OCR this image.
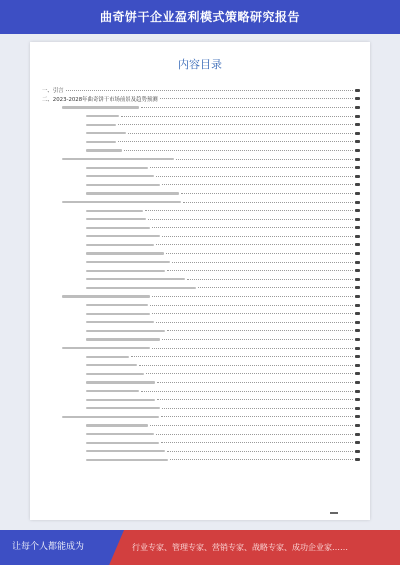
曲奇饼干企业盈利模式策略研究报告
内容目录
一、引言
二、2023-2028年曲奇饼干市场前景及趋势预测
让每个人都能成为	行业专家、管理专家、营销专家、战略专家、成功企业家……
